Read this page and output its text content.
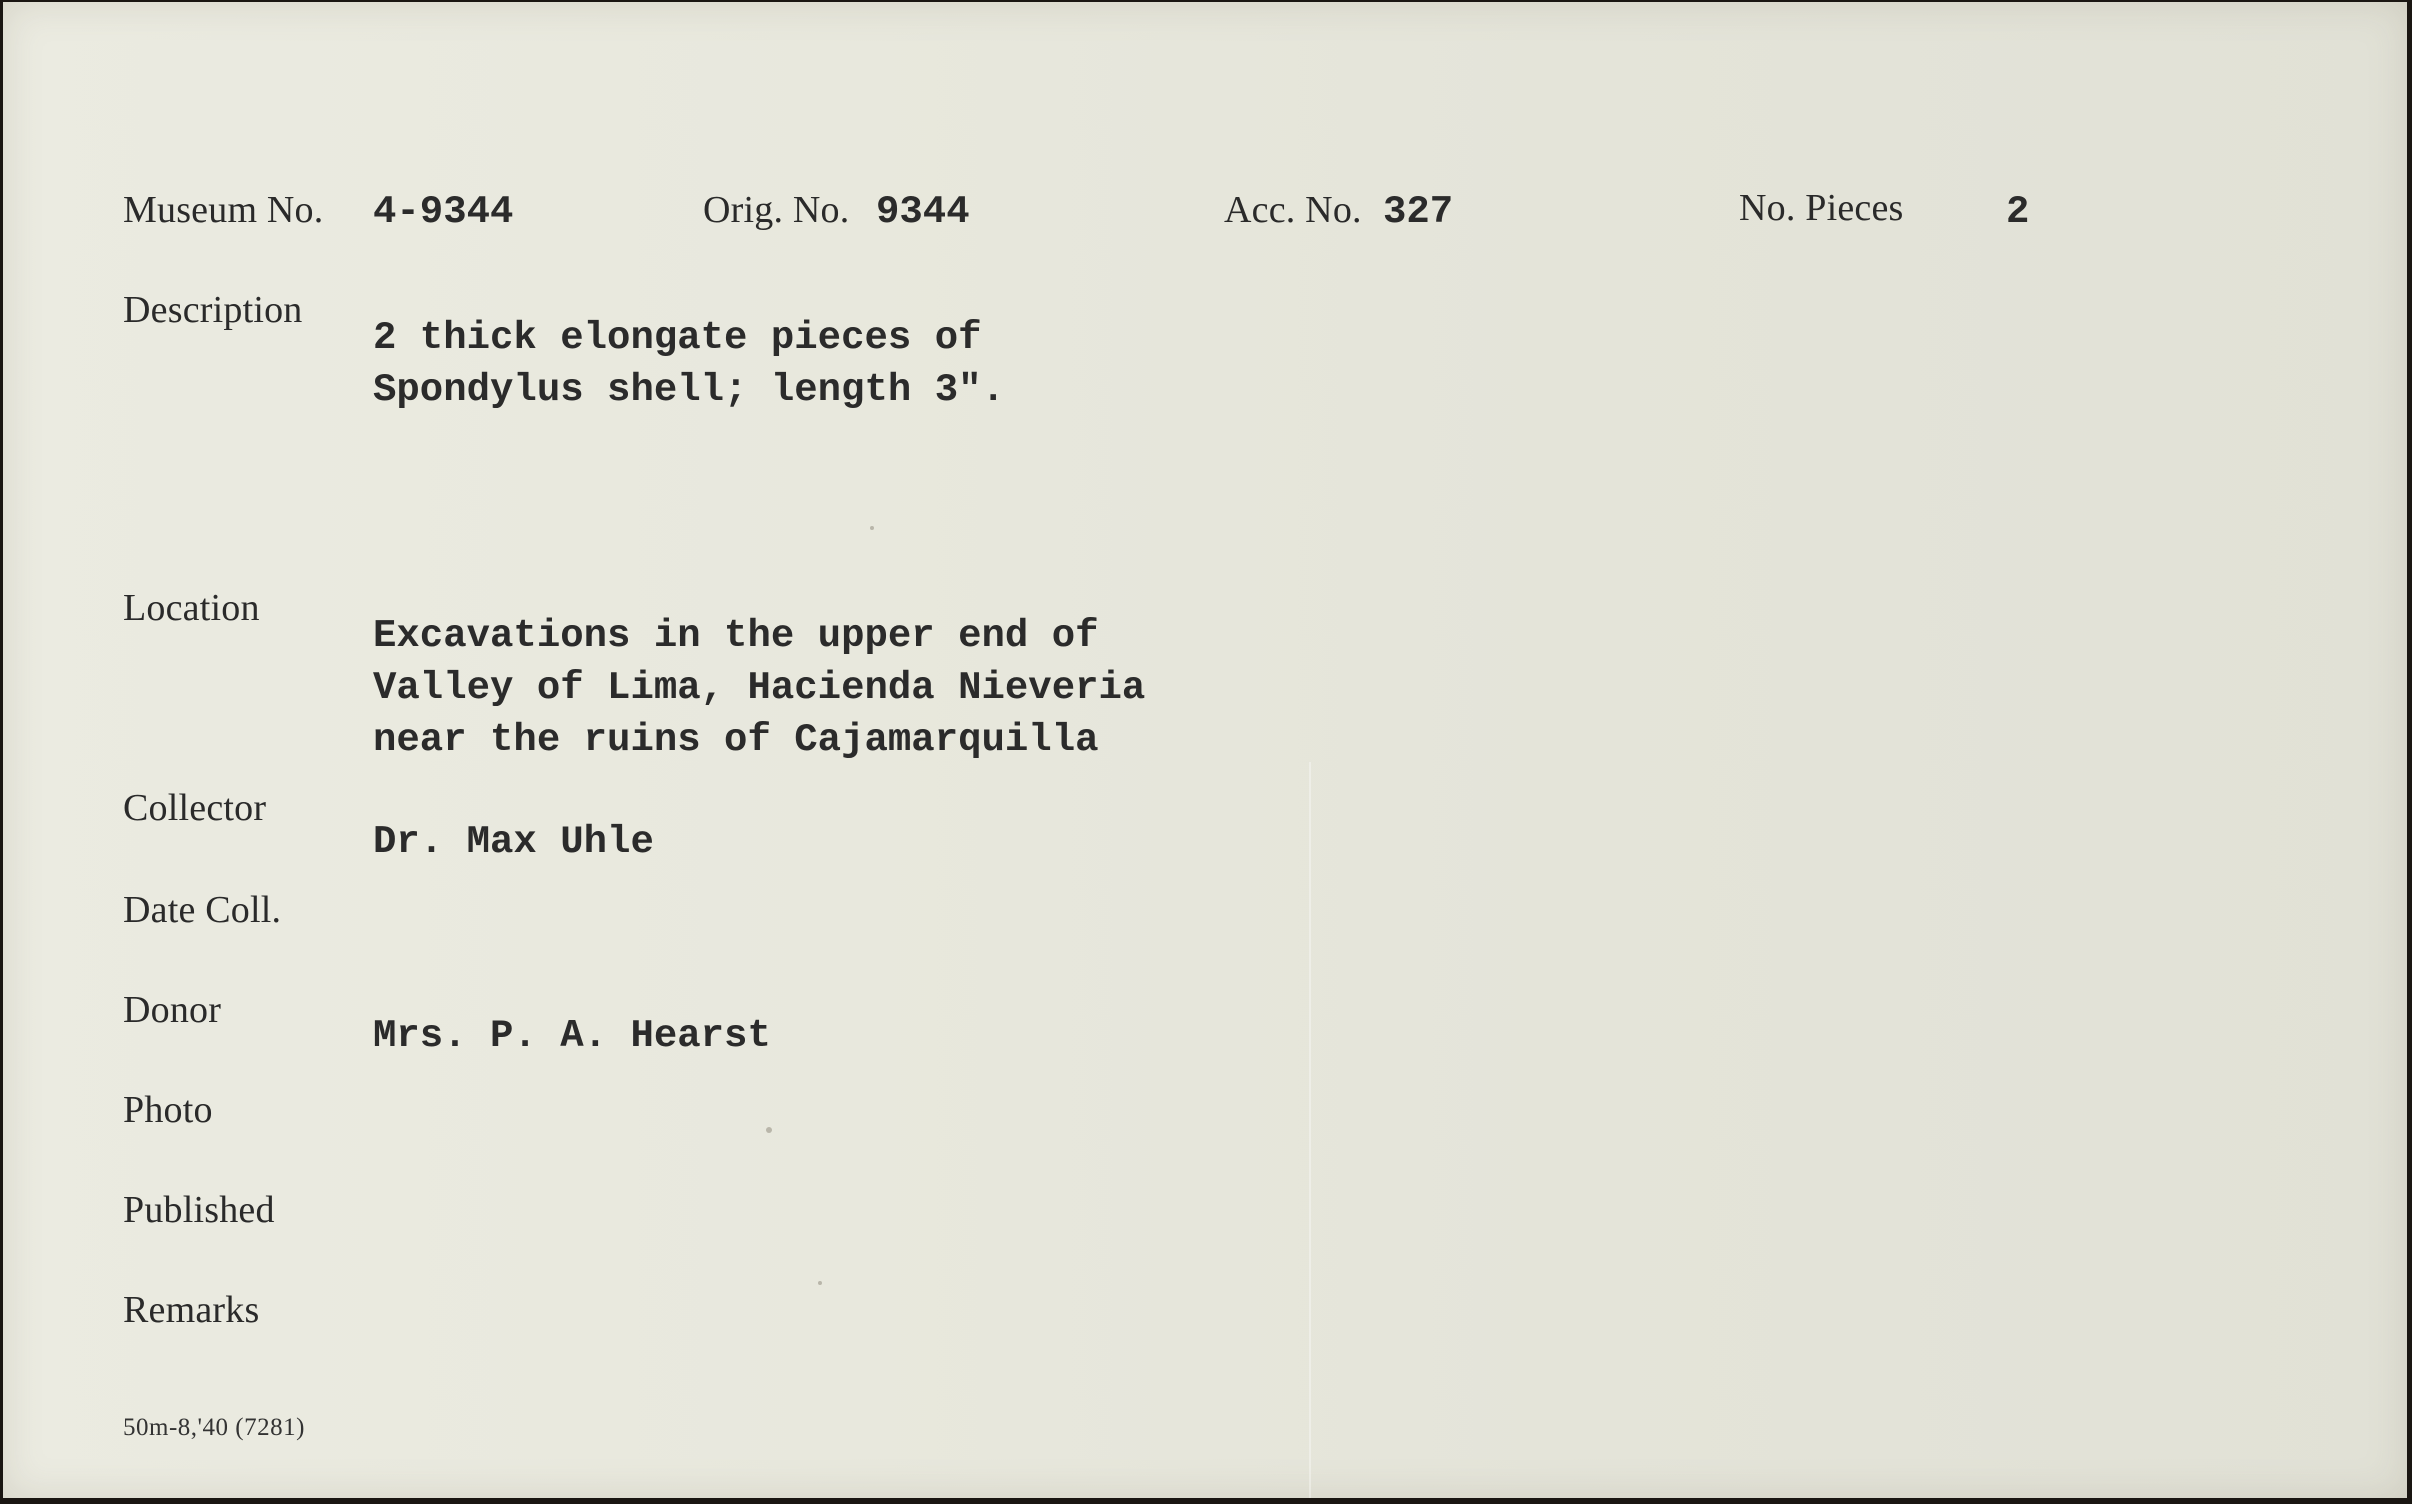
Museum No. 4-9344	Orig. No. 9344	Acc. No. 327	No. Pieces	2
Description
2 thick elongate pieces of
Spondylus shell; length 3".
Location
Excavations in the upper end of
Valley of Lima, Hacienda Nieveria
near the ruins of Cajamarquilla
Collector
Dr. Max Uhle
Date Coll.
Donor
Mrs. P. A. Hearst
Photo
Published
Remarks
50m-8,'40 (7281)
